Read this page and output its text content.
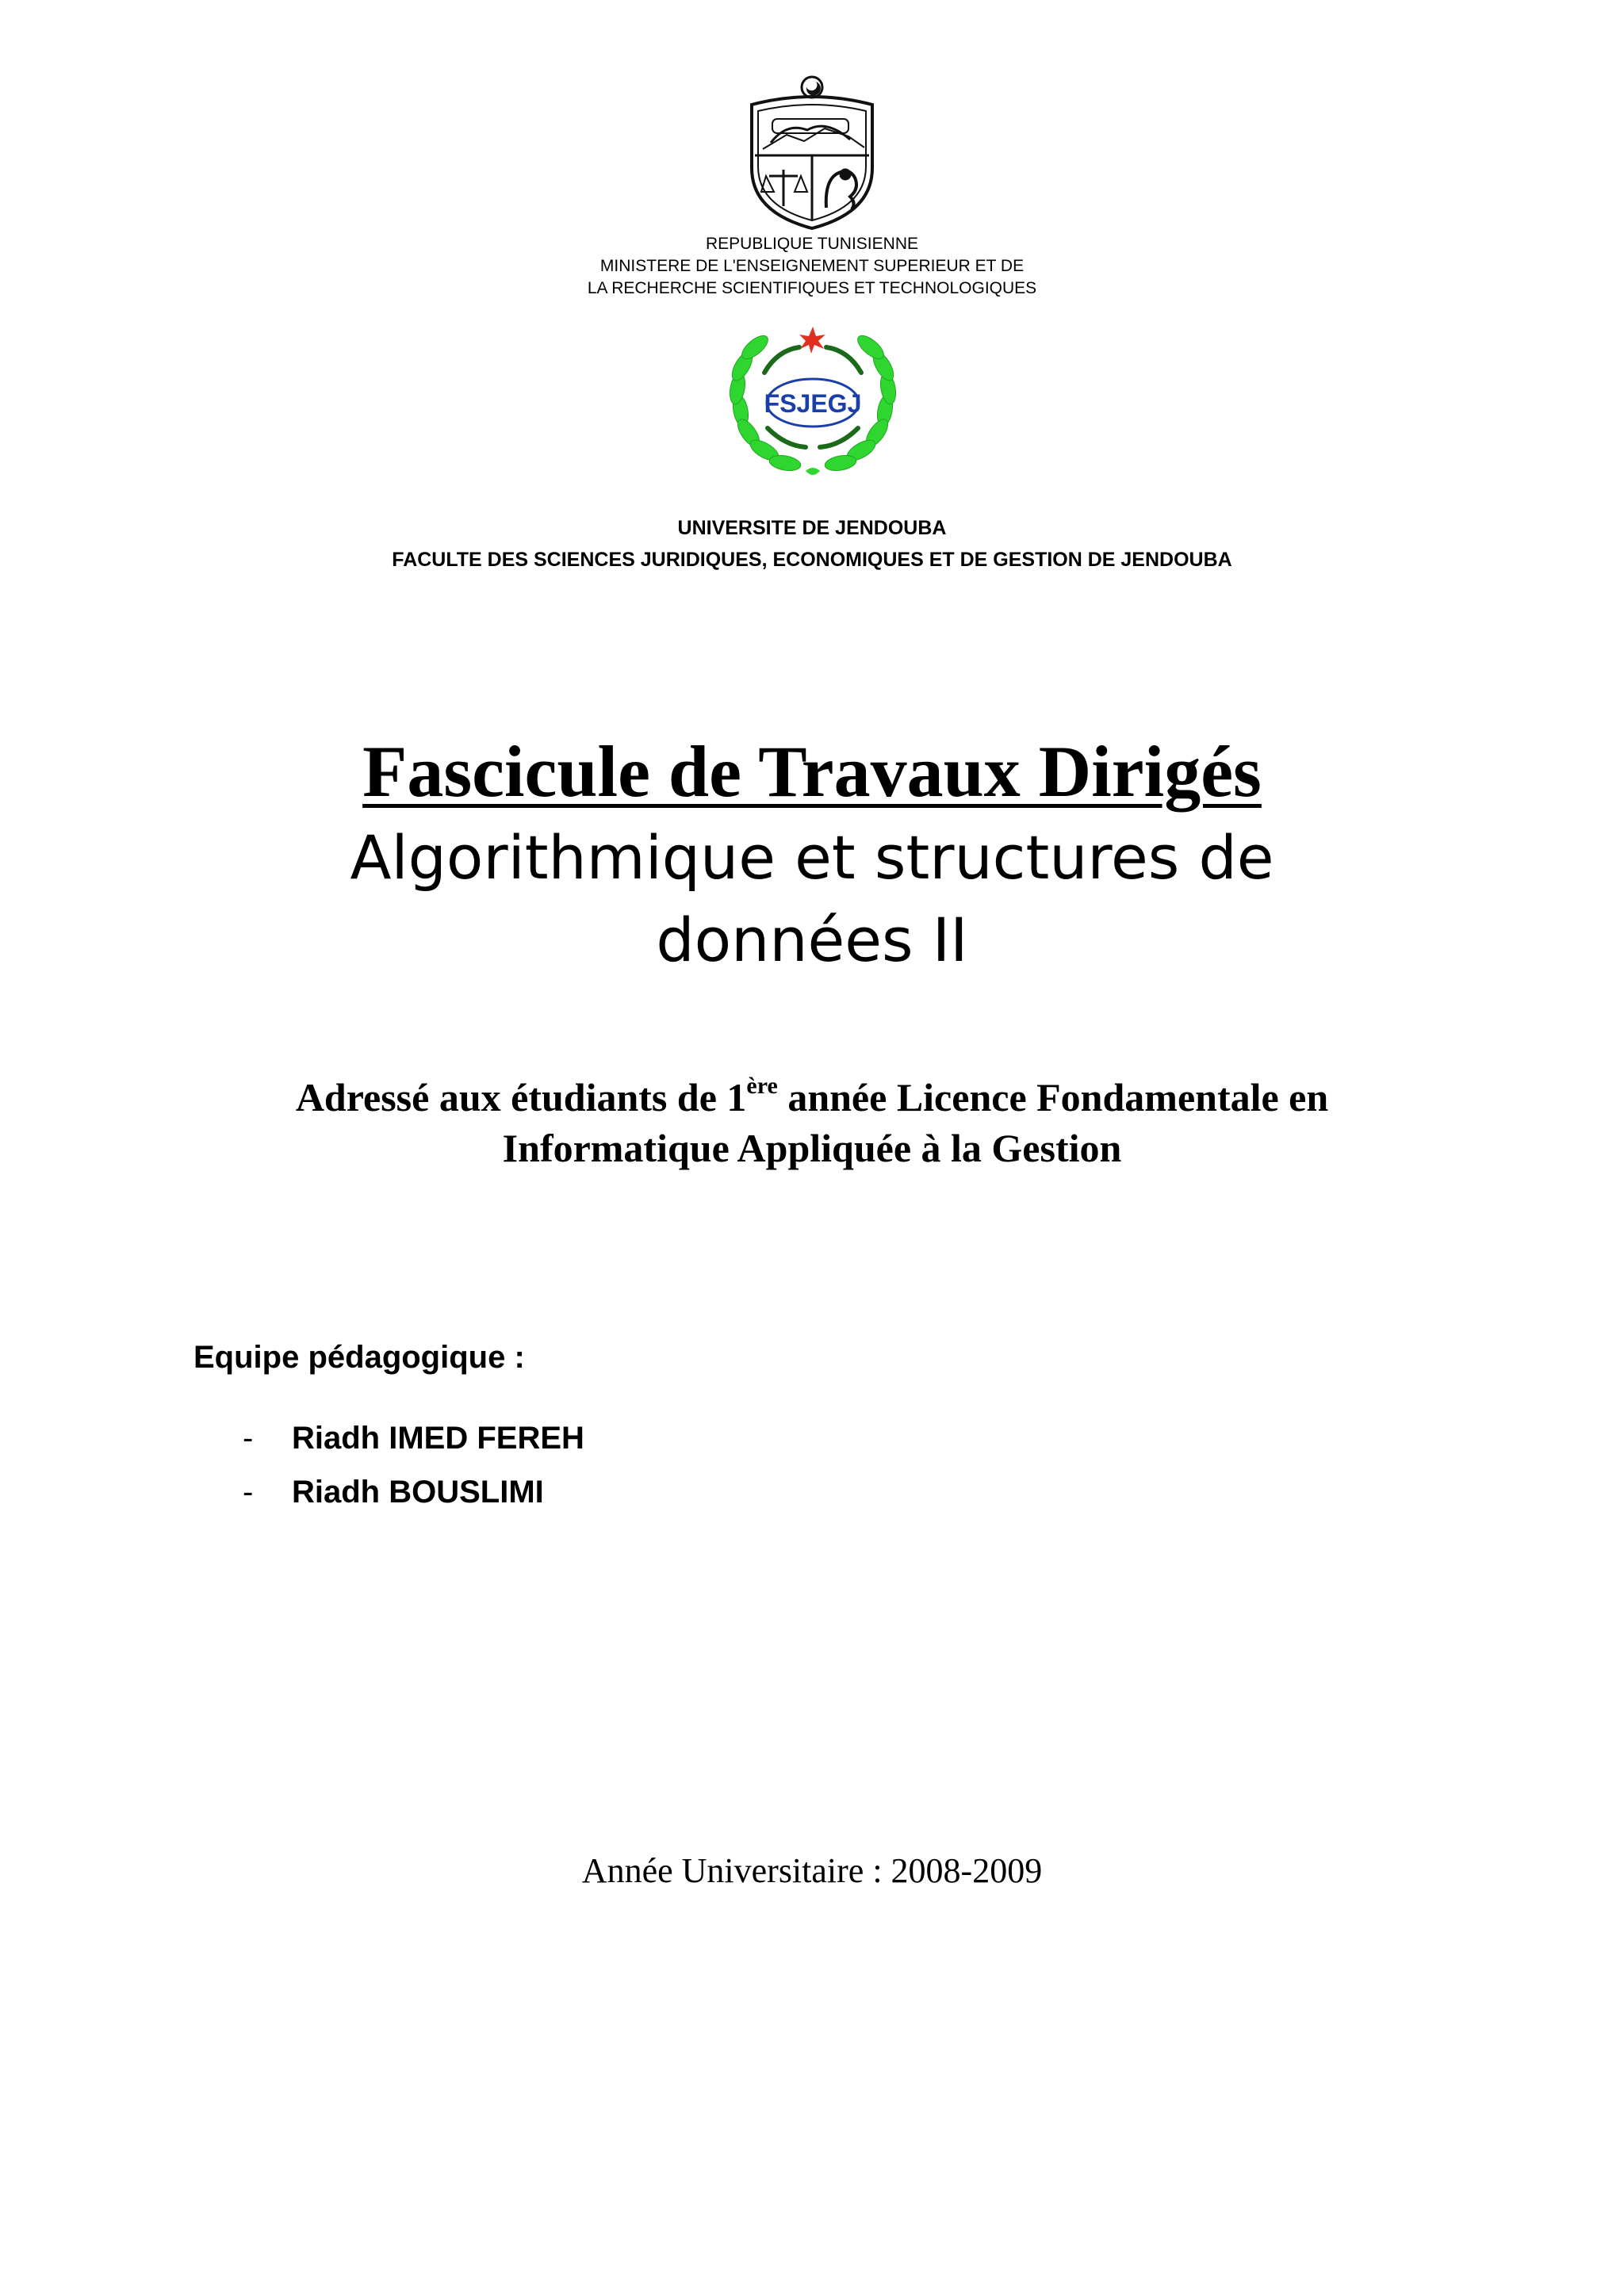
REPUBLIQUE TUNISIENNE
MINISTERE DE L'ENSEIGNEMENT SUPERIEUR ET DE
LA RECHERCHE SCIENTIFIQUES ET TECHNOLOGIQUES
FSJEGJ
UNIVERSITE DE JENDOUBA
FACULTE DES SCIENCES JURIDIQUES, ECONOMIQUES ET DE GESTION DE JENDOUBA
Fascicule de Travaux Dirigés
Algorithmique et structures de
données II
Adressé aux étudiants de 1ère année Licence Fondamentale en
Informatique Appliquée à la Gestion
Equipe pédagogique :
- Riadh IMED FEREH
- Riadh BOUSLIMI
Année Universitaire : 2008-2009
